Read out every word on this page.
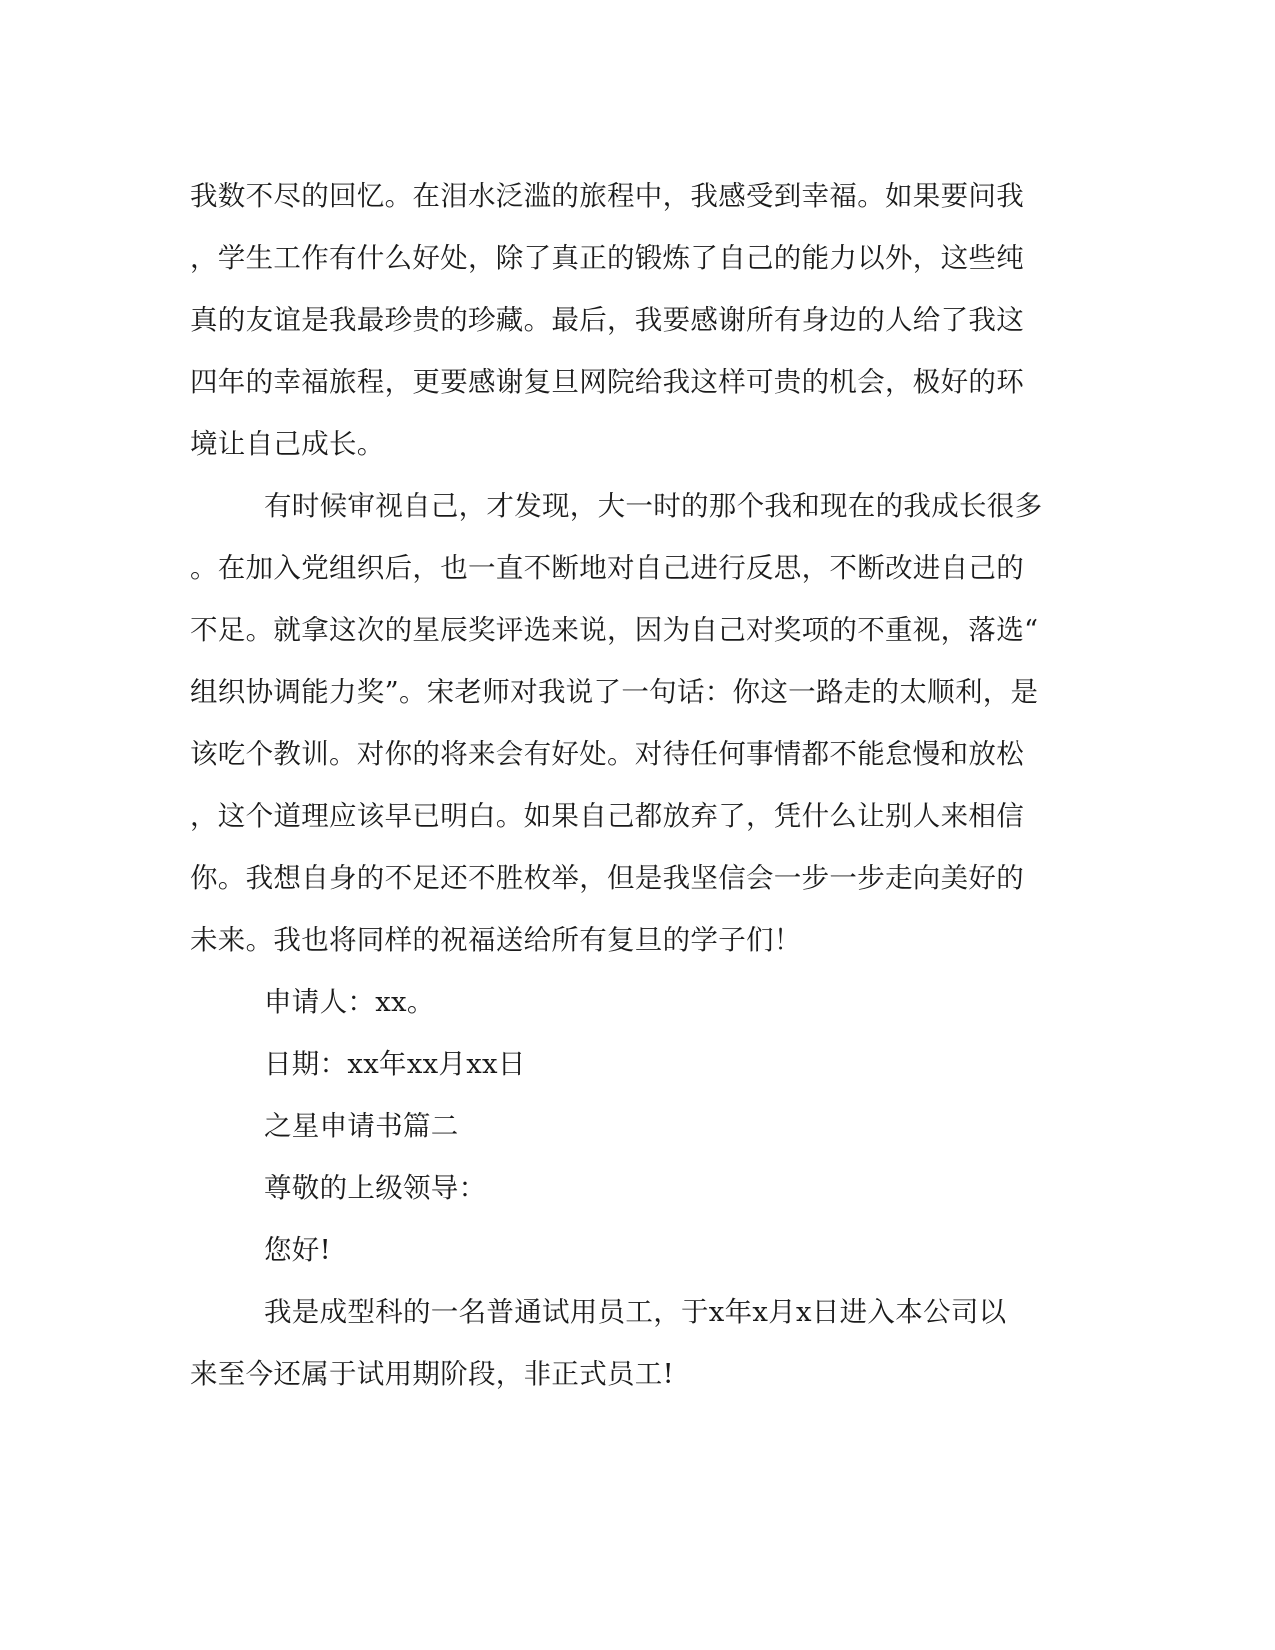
我数不尽的回忆。在泪水泛滥的旅程中，我感受到幸福。如果要问我
，学生工作有什么好处，除了真正的锻炼了自己的能力以外，这些纯
真的友谊是我最珍贵的珍藏。最后，我要感谢所有身边的人给了我这
四年的幸福旅程，更要感谢复旦网院给我这样可贵的机会，极好的环
境让自己成长。
有时候审视自己，才发现，大一时的那个我和现在的我成长很多
。在加入党组织后，也一直不断地对自己进行反思，不断改进自己的
不足。就拿这次的星辰奖评选来说，因为自己对奖项的不重视，落选“
组织协调能力奖”。宋老师对我说了一句话：你这一路走的太顺利，是
该吃个教训。对你的将来会有好处。对待任何事情都不能怠慢和放松
，这个道理应该早已明白。如果自己都放弃了，凭什么让别人来相信
你。我想自身的不足还不胜枚举，但是我坚信会一步一步走向美好的
未来。我也将同样的祝福送给所有复旦的学子们！
申请人：xx。
日期：xx年xx月xx日
之星申请书篇二
尊敬的上级领导：
您好!
我是成型科的一名普通试用员工，于x年x月x日进入本公司以
来至今还属于试用期阶段，非正式员工!
